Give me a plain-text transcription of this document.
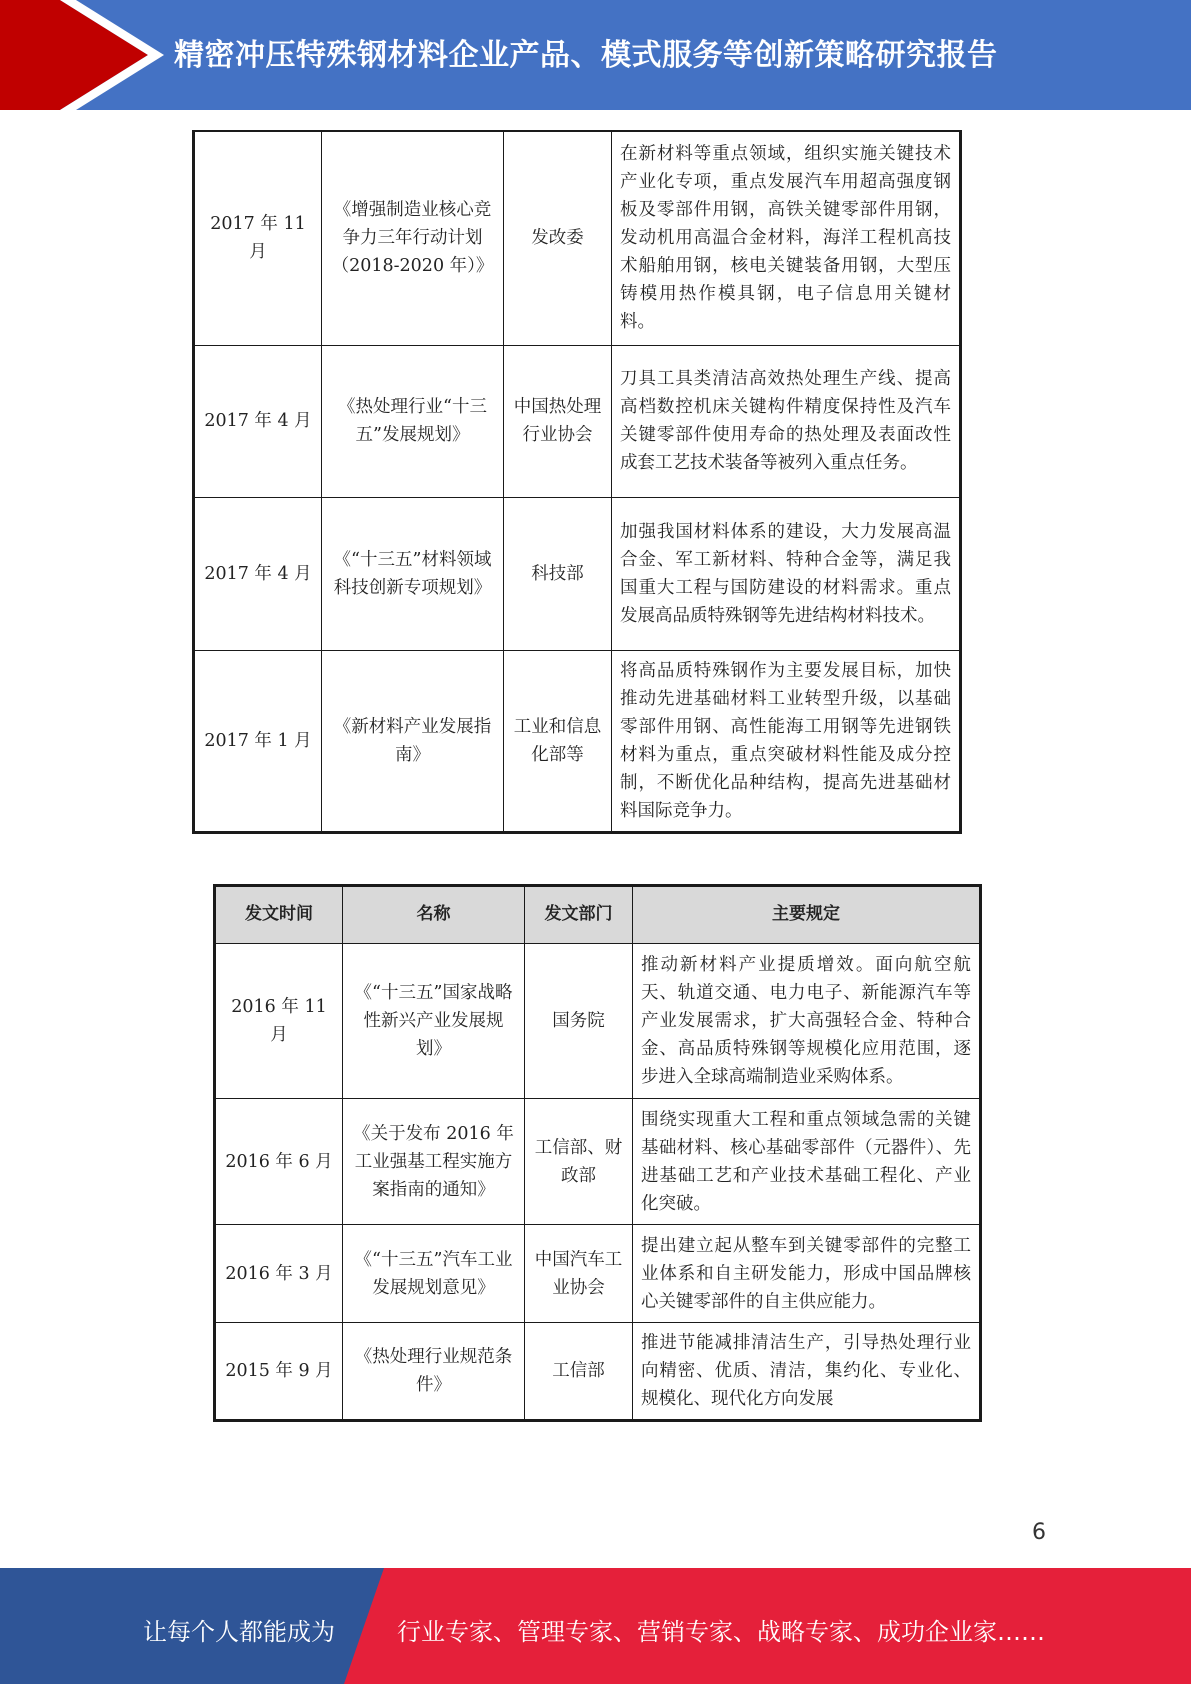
精密冲压特殊钢材料企业产品、模式服务等创新策略研究报告
2017 年 11 月	《增强制造业核心竞争力三年行动计划（2018-2020 年）》	发改委	在新材料等重点领域，组织实施关键技术产业化专项，重点发展汽车用超高强度钢板及零部件用钢，高铁关键零部件用钢，发动机用高温合金材料，海洋工程机高技术船舶用钢，核电关键装备用钢，大型压铸模用热作模具钢，电子信息用关键材料。
2017 年 4 月	《热处理行业“十三五”发展规划》	中国热处理行业协会	刀具工具类清洁高效热处理生产线、提高高档数控机床关键构件精度保持性及汽车关键零部件使用寿命的热处理及表面改性成套工艺技术装备等被列入重点任务。
2017 年 4 月	《“十三五”材料领域科技创新专项规划》	科技部	加强我国材料体系的建设，大力发展高温合金、军工新材料、特种合金等，满足我国重大工程与国防建设的材料需求。重点发展高品质特殊钢等先进结构材料技术。
2017 年 1 月	《新材料产业发展指南》	工业和信息化部等	将高品质特殊钢作为主要发展目标，加快推动先进基础材料工业转型升级，以基础零部件用钢、高性能海工用钢等先进钢铁材料为重点，重点突破材料性能及成分控制，不断优化品种结构，提高先进基础材料国际竞争力。
发文时间	名称	发文部门	主要规定
2016 年 11 月	《“十三五”国家战略性新兴产业发展规划》	国务院	推动新材料产业提质增效。面向航空航天、轨道交通、电力电子、新能源汽车等产业发展需求，扩大高强轻合金、特种合金、高品质特殊钢等规模化应用范围，逐步进入全球高端制造业采购体系。
2016 年 6 月	《关于发布 2016 年工业强基工程实施方案指南的通知》	工信部、财政部	围绕实现重大工程和重点领域急需的关键基础材料、核心基础零部件（元器件）、先进基础工艺和产业技术基础工程化、产业化突破。
2016 年 3 月	《“十三五”汽车工业发展规划意见》	中国汽车工业协会	提出建立起从整车到关键零部件的完整工业体系和自主研发能力，形成中国品牌核心关键零部件的自主供应能力。
2015 年 9 月	《热处理行业规范条件》	工信部	推进节能减排清洁生产，引导热处理行业向精密、优质、清洁，集约化、专业化、规模化、现代化方向发展
6
让每个人都能成为	行业专家、管理专家、营销专家、战略专家、成功企业家……
